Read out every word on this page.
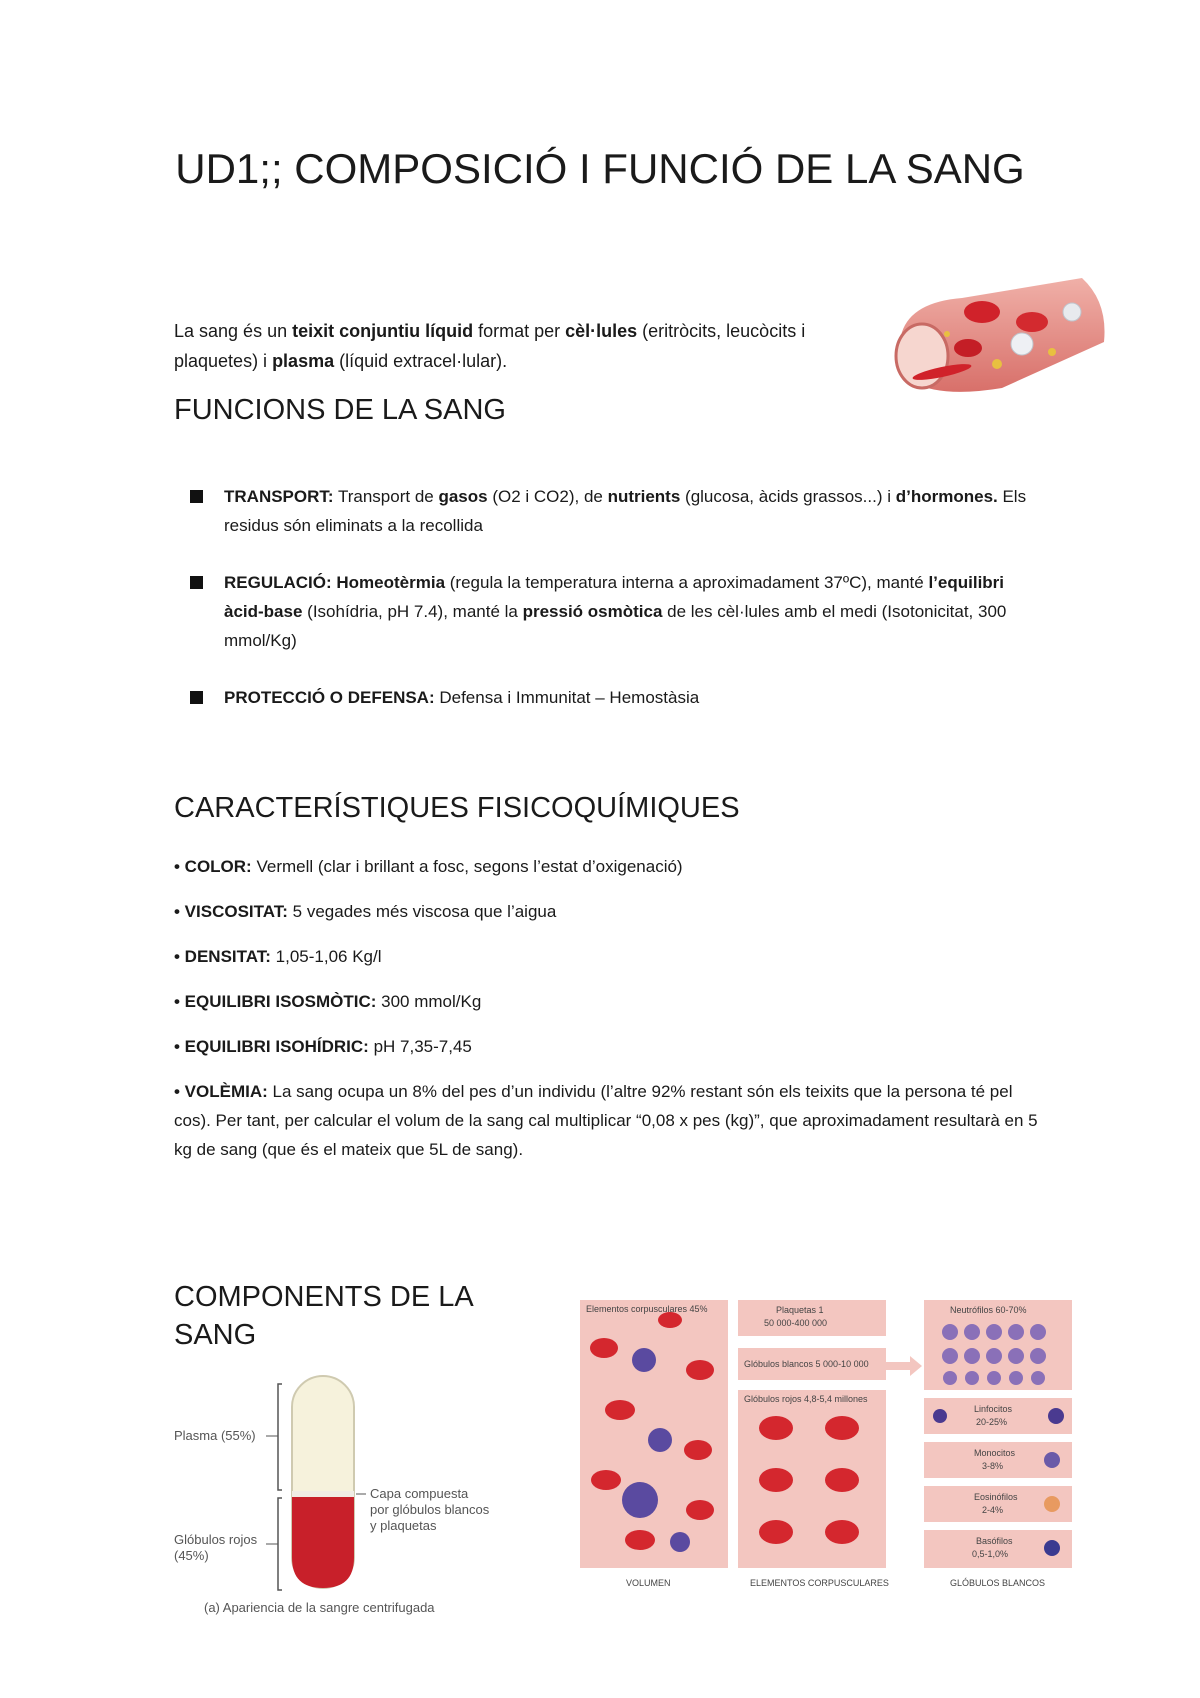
UD1;; COMPOSICIÓ I FUNCIÓ DE LA SANG

La sang és un teixit conjuntiu líquid format per cèl·lules (eritròcits, leucòcits i plaquetes) i plasma (líquid extracel·lular).

FUNCIONS DE LA SANG
TRANSPORT: Transport de gasos (O2 i CO2), de nutrients (glucosa, àcids grassos...) i d’hormones. Els residus són eliminats a la recollida
REGULACIÓ: Homeotèrmia (regula la temperatura interna a aproximadament 37ºC), manté l’equilibri àcid-base (Isohídria, pH 7.4), manté la pressió osmòtica de les cèl·lules amb el medi (Isotonicitat, 300 mmol/Kg)
PROTECCIÓ O DEFENSA: Defensa i Immunitat – Hemostàsia
CARACTERÍSTIQUES FISICOQUÍMIQUES
• COLOR: Vermell (clar i brillant a fosc, segons l’estat d’oxigenació)
• VISCOSITAT: 5 vegades més viscosa que l’aigua
• DENSITAT: 1,05-1,06 Kg/l
• EQUILIBRI ISOSMÒTIC: 300 mmol/Kg
• EQUILIBRI ISOHÍDRIC: pH 7,35-7,45
• VOLÈMIA: La sang ocupa un 8% del pes d’un individu (l’altre 92% restant són els teixits que la persona té pel cos). Per tant, per calcular el volum de la sang cal multiplicar “0,08 x pes (kg)”, que aproximadament resultarà en 5 kg de sang (que és el mateix que 5L de sang).
COMPONENTS DE LA SANG
Plasma (55%)
Capa compuesta
por glóbulos blancos
y plaquetas
Glóbulos rojos
(45%)
(a) Apariencia de la sangre centrifugada
Elementos corpusculares 45%	Plaquetas 1
50 000-400 000
Glóbulos blancos 5 000-10 000
Glóbulos rojos 4,8-5,4 millones
Neutrófilos 60-70%
Linfocitos
20-25%
Monocitos
3-8%
Eosinófilos
2-4%
Basófilos
0,5-1,0%
VOLUMEN	ELEMENTOS CORPUSCULARES	GLÓBULOS BLANCOS
